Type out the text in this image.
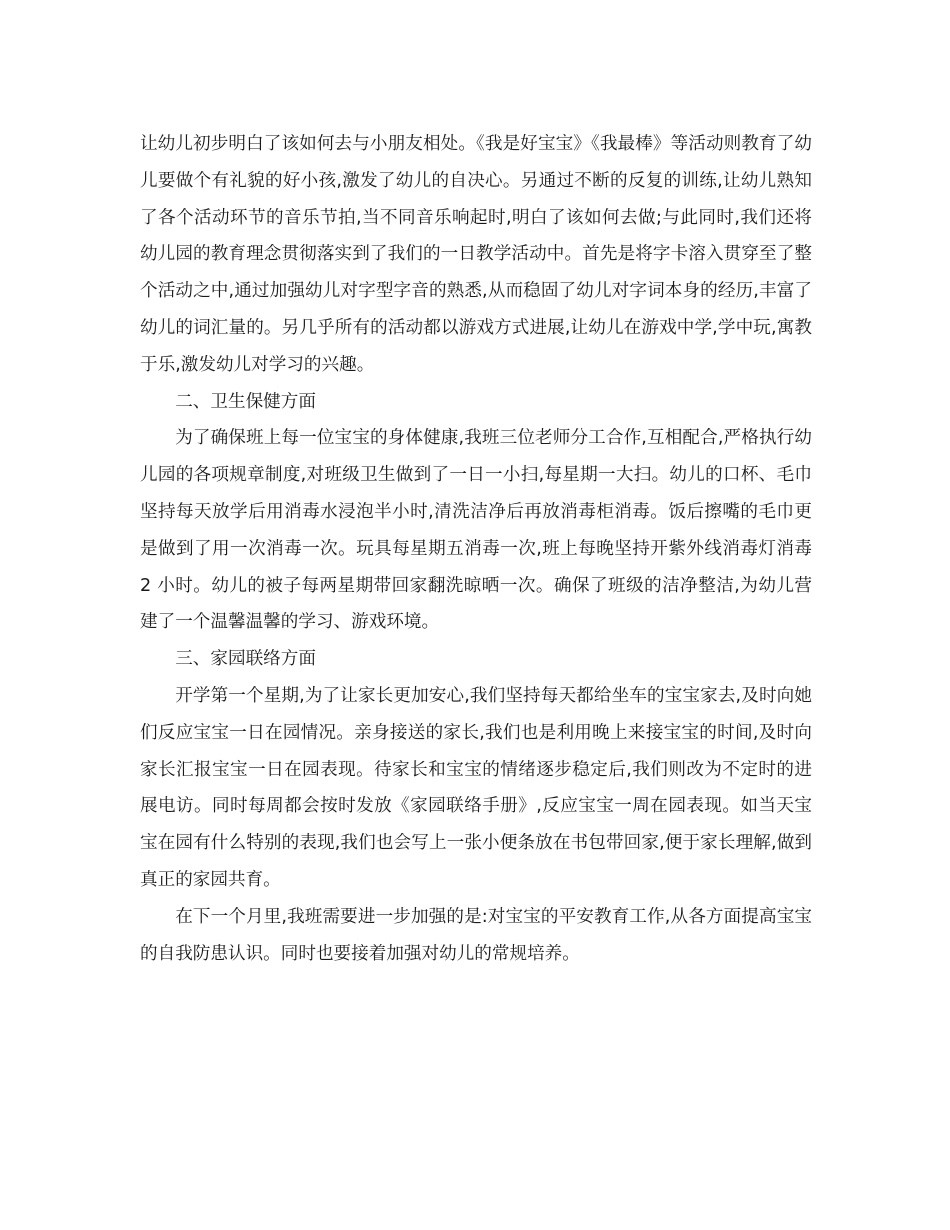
让幼儿初步明白了该如何去与小朋友相处。《我是好宝宝》《我最棒》等活动则教育了幼儿要做个有礼貌的好小孩,激发了幼儿的自决心。另通过不断的反复的训练,让幼儿熟知了各个活动环节的音乐节拍,当不同音乐响起时,明白了该如何去做;与此同时,我们还将幼儿园的教育理念贯彻落实到了我们的一日教学活动中。首先是将字卡溶入贯穿至了整个活动之中,通过加强幼儿对字型字音的熟悉,从而稳固了幼儿对字词本身的经历,丰富了幼儿的词汇量的。另几乎所有的活动都以游戏方式进展,让幼儿在游戏中学,学中玩,寓教于乐,激发幼儿对学习的兴趣。

二、卫生保健方面

为了确保班上每一位宝宝的身体健康,我班三位老师分工合作,互相配合,严格执行幼儿园的各项规章制度,对班级卫生做到了一日一小扫,每星期一大扫。幼儿的口杯、毛巾坚持每天放学后用消毒水浸泡半小时,清洗洁净后再放消毒柜消毒。饭后擦嘴的毛巾更是做到了用一次消毒一次。玩具每星期五消毒一次,班上每晚坚持开紫外线消毒灯消毒 2 小时。幼儿的被子每两星期带回家翻洗晾晒一次。确保了班级的洁净整洁,为幼儿营建了一个温馨温馨的学习、游戏环境。

三、家园联络方面

开学第一个星期,为了让家长更加安心,我们坚持每天都给坐车的宝宝家去,及时向她们反应宝宝一日在园情况。亲身接送的家长,我们也是利用晚上来接宝宝的时间,及时向家长汇报宝宝一日在园表现。待家长和宝宝的情绪逐步稳定后,我们则改为不定时的进展电访。同时每周都会按时发放《家园联络手册》,反应宝宝一周在园表现。如当天宝宝在园有什么特别的表现,我们也会写上一张小便条放在书包带回家,便于家长理解,做到真正的家园共育。

在下一个月里,我班需要进一步加强的是:对宝宝的平安教育工作,从各方面提高宝宝的自我防患认识。同时也要接着加强对幼儿的常规培养。
